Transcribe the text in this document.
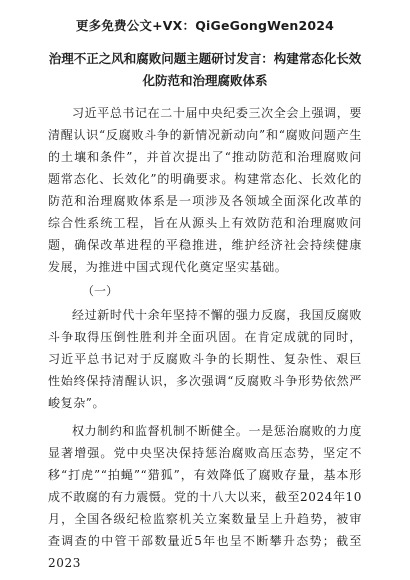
更多免费公文+VX：QiGeGongWen2024
治理不正之风和腐败问题主题研讨发言：构建常态化长效
化防范和治理腐败体系

习近平总书记在二十届中央纪委三次全会上强调，要清醒认识“反腐败斗争的新情况新动向”和“腐败问题产生的土壤和条件”，并首次提出了“推动防范和治理腐败问题常态化、长效化”的明确要求。构建常态化、长效化的防范和治理腐败体系是一项涉及各领域全面深化改革的综合性系统工程，旨在从源头上有效防范和治理腐败问题，确保改革进程的平稳推进，维护经济社会持续健康发展，为推进中国式现代化奠定坚实基础。

（一）

经过新时代十余年坚持不懈的强力反腐，我国反腐败斗争取得压倒性胜利并全面巩固。在肯定成就的同时，习近平总书记对于反腐败斗争的长期性、复杂性、艰巨性始终保持清醒认识，多次强调“反腐败斗争形势依然严峻复杂”。

权力制约和监督机制不断健全。一是惩治腐败的力度显著增强。党中央坚决保持惩治腐败高压态势，坚定不移“打虎”“拍蝇”“猎狐”，有效降低了腐败存量，基本形成不敢腐的有力震慑。党的十八大以来，截至2024年10月，全国各级纪检监察机关立案数量呈上升趋势，被审查调查的中管干部数量近5年也呈不断攀升态势；截至2023
